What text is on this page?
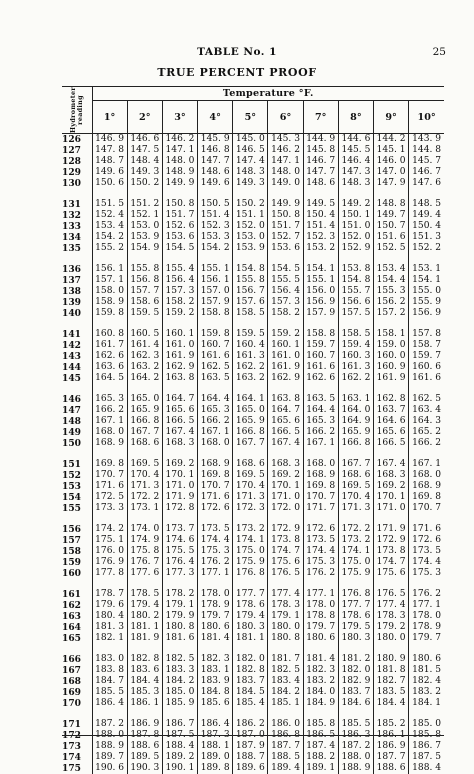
TABLE No. 1	25
TRUE PERCENT PROOF
Hydrometer reading	Temperature °F.									
	1°	2°	3°	4°	5°	6°	7°	8°	9°	10°
126	146. 9	146. 6	146. 2	145. 9	145. 0	145. 3	144. 9	144. 6	144. 2	143. 9
127	147. 8	147. 5	147. 1	146. 8	146. 5	146. 2	145. 8	145. 5	145. 1	144. 8
128	148. 7	148. 4	148. 0	147. 7	147. 4	147. 1	146. 7	146. 4	146. 0	145. 7
129	149. 6	149. 3	148. 9	148. 6	148. 3	148. 0	147. 7	147. 3	147. 0	146. 7
130	150. 6	150. 2	149. 9	149. 6	149. 3	149. 0	148. 6	148. 3	147. 9	147. 6

131	151. 5	151. 2	150. 8	150. 5	150. 2	149. 9	149. 5	149. 2	148. 8	148. 5
132	152. 4	152. 1	151. 7	151. 4	151. 1	150. 8	150. 4	150. 1	149. 7	149. 4
133	153. 4	153. 0	152. 6	152. 3	152. 0	151. 7	151. 4	151. 0	150. 7	150. 4
134	154. 2	153. 9	153. 6	153. 3	153. 0	152. 7	152. 3	152. 0	151. 6	151. 3
135	155. 2	154. 9	154. 5	154. 2	153. 9	153. 6	153. 2	152. 9	152. 5	152. 2

136	156. 1	155. 8	155. 4	155. 1	154. 8	154. 5	154. 1	153. 8	153. 4	153. 1
137	157. 1	156. 8	156. 4	156. 1	155. 8	155. 5	155. 1	154. 8	154. 4	154. 1
138	158. 0	157. 7	157. 3	157. 0	156. 7	156. 4	156. 0	155. 7	155. 3	155. 0
139	158. 9	158. 6	158. 2	157. 9	157. 6	157. 3	156. 9	156. 6	156. 2	155. 9
140	159. 8	159. 5	159. 2	158. 8	158. 5	158. 2	157. 9	157. 5	157. 2	156. 9

141	160. 8	160. 5	160. 1	159. 8	159. 5	159. 2	158. 8	158. 5	158. 1	157. 8
142	161. 7	161. 4	161. 0	160. 7	160. 4	160. 1	159. 7	159. 4	159. 0	158. 7
143	162. 6	162. 3	161. 9	161. 6	161. 3	161. 0	160. 7	160. 3	160. 0	159. 7
144	163. 6	163. 2	162. 9	162. 5	162. 2	161. 9	161. 6	161. 3	160. 9	160. 6
145	164. 5	164. 2	163. 8	163. 5	163. 2	162. 9	162. 6	162. 2	161. 9	161. 6

146	165. 3	165. 0	164. 7	164. 4	164. 1	163. 8	163. 5	163. 1	162. 8	162. 5
147	166. 2	165. 9	165. 6	165. 3	165. 0	164. 7	164. 4	164. 0	163. 7	163. 4
148	167. 1	166. 8	166. 5	166. 2	165. 9	165. 6	165. 3	164. 9	164. 6	164. 3
149	168. 0	167. 7	167. 4	167. 1	166. 8	166. 5	166. 2	165. 9	165. 6	165. 2
150	168. 9	168. 6	168. 3	168. 0	167. 7	167. 4	167. 1	166. 8	166. 5	166. 2

151	169. 8	169. 5	169. 2	168. 9	168. 6	168. 3	168. 0	167. 7	167. 4	167. 1
152	170. 7	170. 4	170. 1	169. 8	169. 5	169. 2	168. 9	168. 6	168. 3	168. 0
153	171. 6	171. 3	171. 0	170. 7	170. 4	170. 1	169. 8	169. 5	169. 2	168. 9
154	172. 5	172. 2	171. 9	171. 6	171. 3	171. 0	170. 7	170. 4	170. 1	169. 8
155	173. 3	173. 1	172. 8	172. 6	172. 3	172. 0	171. 7	171. 3	171. 0	170. 7

156	174. 2	174. 0	173. 7	173. 5	173. 2	172. 9	172. 6	172. 2	171. 9	171. 6
157	175. 1	174. 9	174. 6	174. 4	174. 1	173. 8	173. 5	173. 2	172. 9	172. 6
158	176. 0	175. 8	175. 5	175. 3	175. 0	174. 7	174. 4	174. 1	173. 8	173. 5
159	176. 9	176. 7	176. 4	176. 2	175. 9	175. 6	175. 3	175. 0	174. 7	174. 4
160	177. 8	177. 6	177. 3	177. 1	176. 8	176. 5	176. 2	175. 9	175. 6	175. 3

161	178. 7	178. 5	178. 2	178. 0	177. 7	177. 4	177. 1	176. 8	176. 5	176. 2
162	179. 6	179. 4	179. 1	178. 9	178. 6	178. 3	178. 0	177. 7	177. 4	177. 1
163	180. 4	180. 2	179. 9	179. 7	179. 4	179. 1	178. 8	178. 6	178. 3	178. 0
164	181. 3	181. 1	180. 8	180. 6	180. 3	180. 0	179. 7	179. 5	179. 2	178. 9
165	182. 1	181. 9	181. 6	181. 4	181. 1	180. 8	180. 6	180. 3	180. 0	179. 7

166	183. 0	182. 8	182. 5	182. 3	182. 0	181. 7	181. 4	181. 2	180. 9	180. 6
167	183. 8	183. 6	183. 3	183. 1	182. 8	182. 5	182. 3	182. 0	181. 8	181. 5
168	184. 7	184. 4	184. 2	183. 9	183. 7	183. 4	183. 2	182. 9	182. 7	182. 4
169	185. 5	185. 3	185. 0	184. 8	184. 5	184. 2	184. 0	183. 7	183. 5	183. 2
170	186. 4	186. 1	185. 9	185. 6	185. 4	185. 1	184. 9	184. 6	184. 4	184. 1

171	187. 2	186. 9	186. 7	186. 4	186. 2	186. 0	185. 8	185. 5	185. 2	185. 0
172	188. 0	187. 8	187. 5	187. 3	187. 0	186. 8	186. 5	186. 3	186. 1	185. 8
173	188. 9	188. 6	188. 4	188. 1	187. 9	187. 7	187. 4	187. 2	186. 9	186. 7
174	189. 7	189. 5	189. 2	189. 0	188. 7	188. 5	188. 2	188. 0	187. 7	187. 5
175	190. 6	190. 3	190. 1	189. 8	189. 6	189. 4	189. 1	188. 9	188. 6	188. 4
